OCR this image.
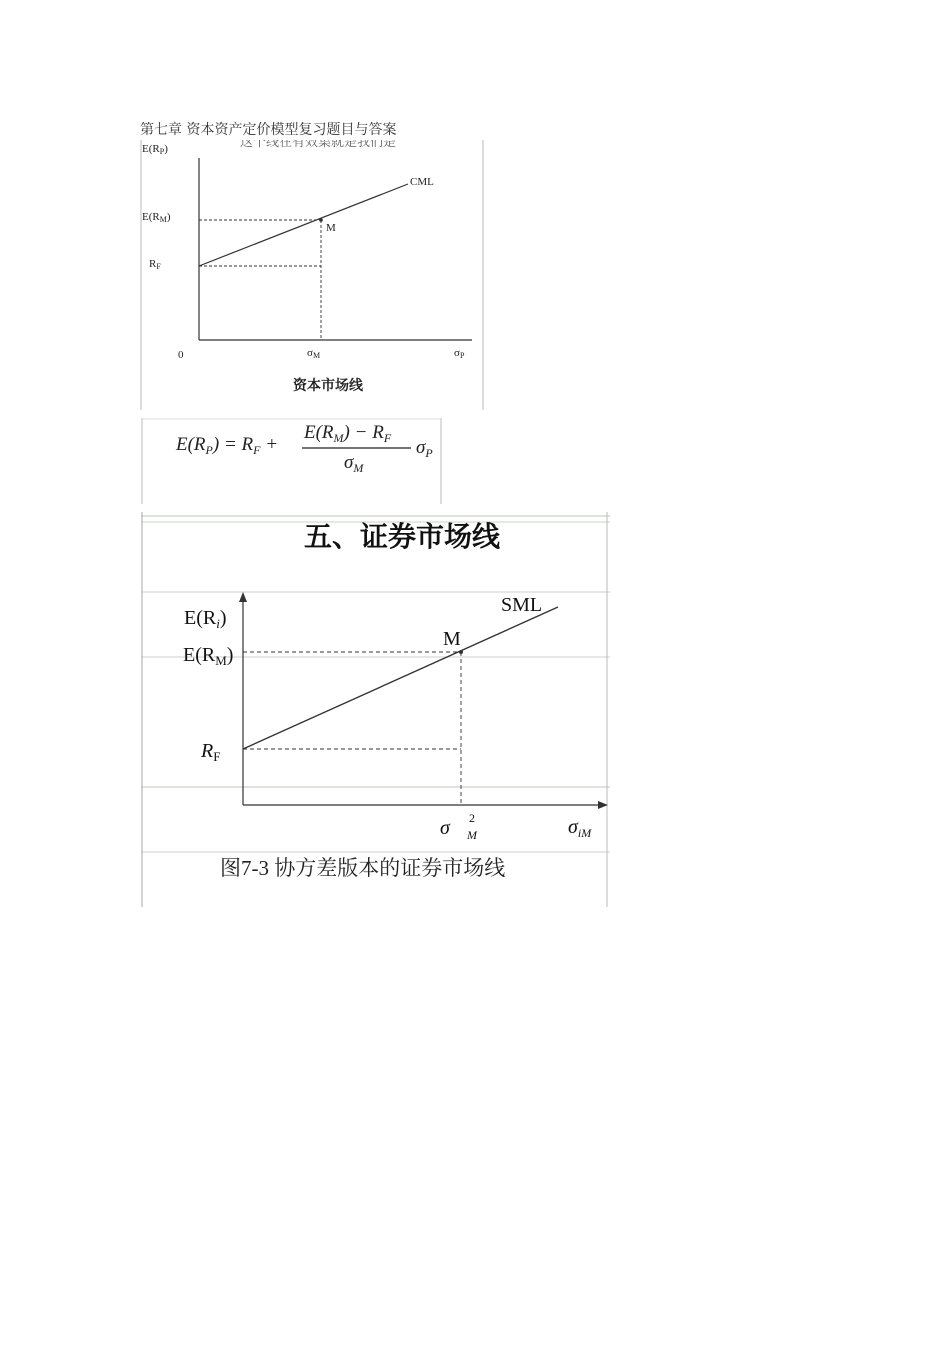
第七章 资本资产定价模型复习题目与答案
这个线在有效集就是我们是
E(RP)
E(RM)
RF
0	σM	σP
M
CML
资本市场线
$E(R_P) = R_F$ +
$E(R_M) - R_F$
$\sigma_M$
$\sigma_P$
五、证券市场线
$E(R_i)$
$E(R_M)$
$R_F$
M
SML
σ 2
M	$\sigma_{iM}$
图7-3 协方差版本的证券市场线
